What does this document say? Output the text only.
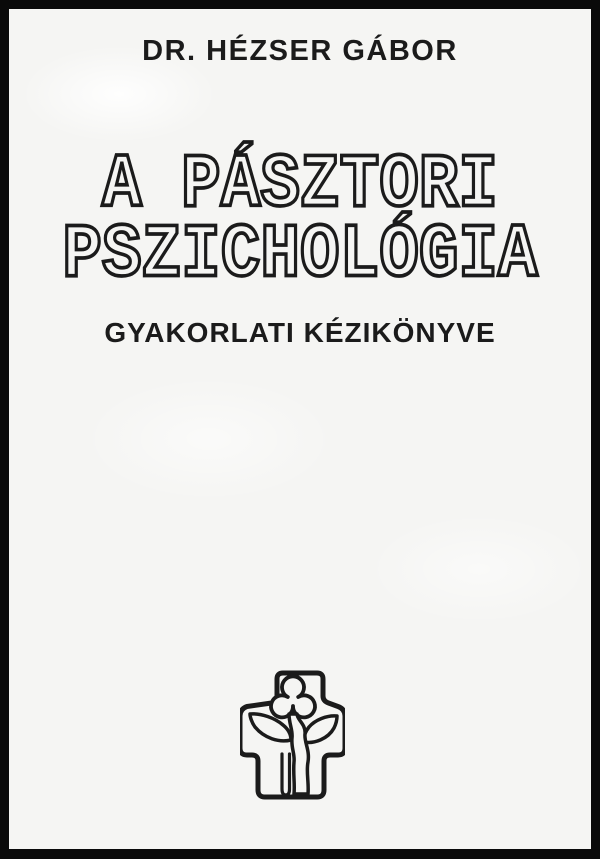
DR. HÉZSER GÁBOR
A PÁSZTORI
PSZICHOLÓGIA
GYAKORLATI KÉZIKÖNYVE
